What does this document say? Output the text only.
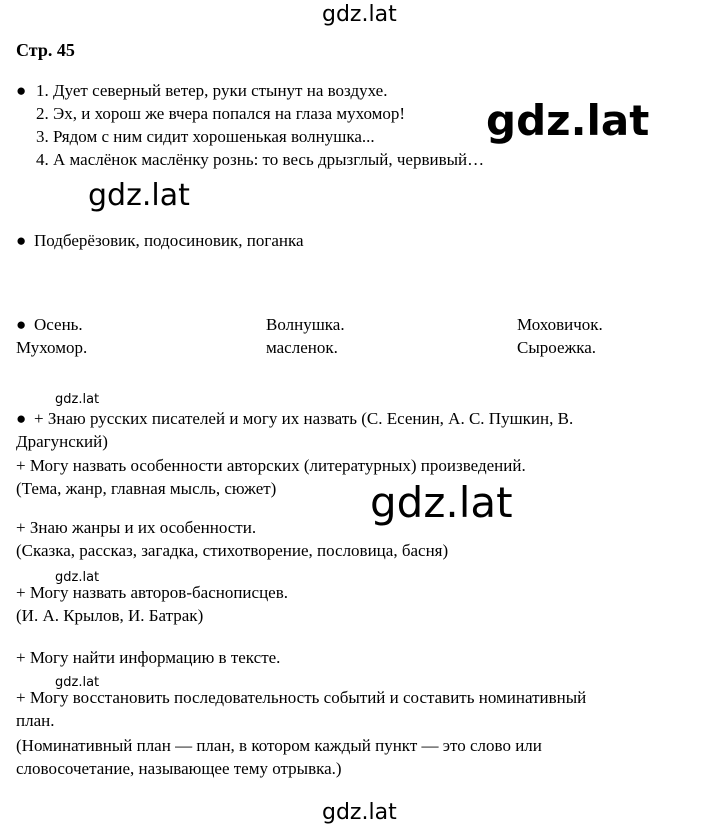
gdz.lat
gdz.lat
gdz.lat
gdz.lat
gdz.lat
gdz.lat
gdz.lat
gdz.lat
Стр. 45
● 1. Дует северный ветер, руки стынут на воздухе.
2. Эх, и хорош же вчера попался на глаза мухомор!
3. Рядом с ним сидит хорошенькая волнушка...
4. А маслёнок маслёнку рознь: то весь дрызглый, червивый…
● Подберёзовик, подосиновик, поганка
● Осень.	Волнушка.	Моховичок.
Мухомор.	масленок.	Сыроежка.
● + Знаю русских писателей и могу их назвать (С. Есенин, А. С. Пушкин, В.
Драгунский)
+ Могу назвать особенности авторских (литературных) произведений.
(Тема, жанр, главная мысль, сюжет)
+ Знаю жанры и их особенности.
(Сказка, рассказ, загадка, стихотворение, пословица, басня)
+ Могу назвать авторов-баснописцев.
(И. А. Крылов, И. Батрак)
+ Могу найти информацию в тексте.
+ Могу восстановить последовательность событий и составить номинативный
план.
(Номинативный план — план, в котором каждый пункт — это слово или
словосочетание, называющее тему отрывка.)
